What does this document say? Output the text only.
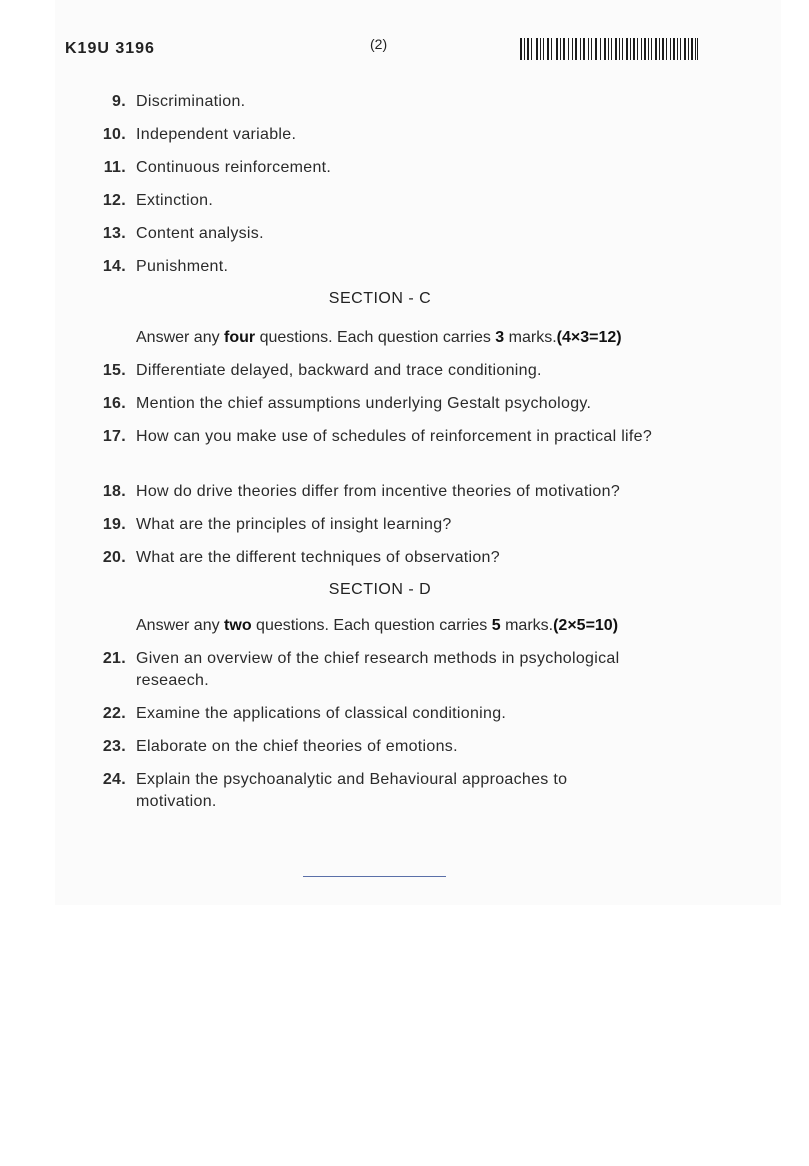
K19U 3196	(2)
9. Discrimination.
10. Independent variable.
11. Continuous reinforcement.
12. Extinction.
13. Content analysis.
14. Punishment.
SECTION - C
Answer any four questions. Each question carries 3 marks.(4×3=12)
15. Differentiate delayed, backward and trace conditioning.
16. Mention the chief assumptions underlying Gestalt psychology.
17. How can you make use of schedules of reinforcement in practical life?
18. How do drive theories differ from incentive theories of motivation?
19. What are the principles of insight learning?
20. What are the different techniques of observation?
SECTION - D
Answer any two questions. Each question carries 5 marks.(2×5=10)
21. Given an overview of the chief research methods in psychological reseaech.
22. Examine the applications of classical conditioning.
23. Elaborate on the chief theories of emotions.
24. Explain the psychoanalytic and Behavioural approaches to motivation.
